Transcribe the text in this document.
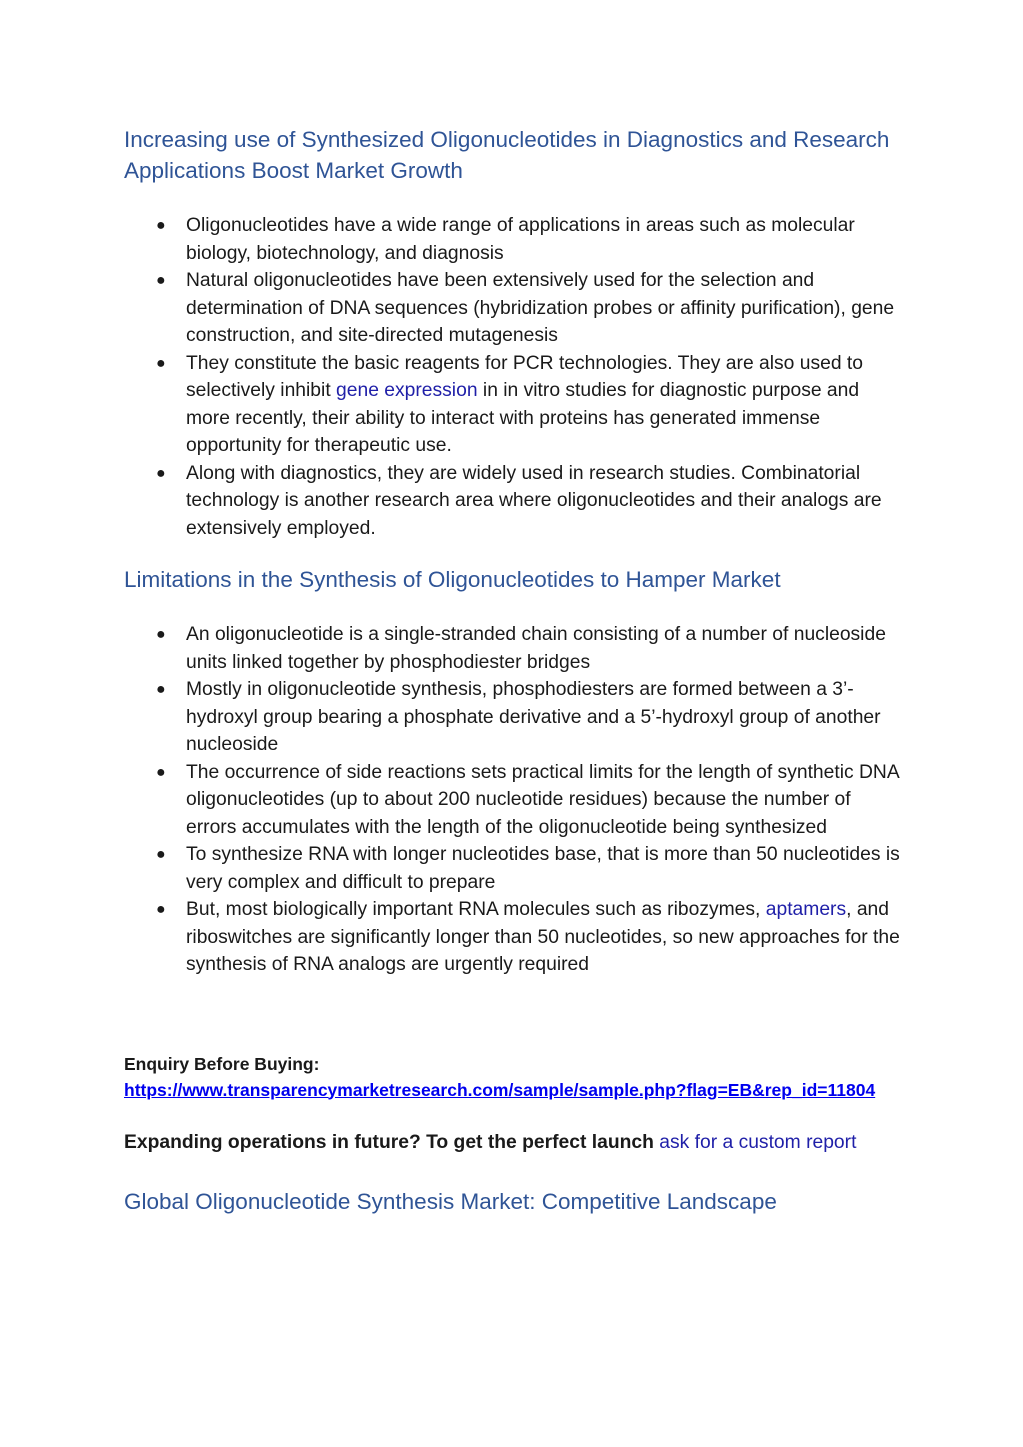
Increasing use of Synthesized Oligonucleotides in Diagnostics and Research Applications Boost Market Growth
● Oligonucleotides have a wide range of applications in areas such as molecular biology, biotechnology, and diagnosis
● Natural oligonucleotides have been extensively used for the selection and determination of DNA sequences (hybridization probes or affinity purification), gene construction, and site-directed mutagenesis
● They constitute the basic reagents for PCR technologies. They are also used to selectively inhibit gene expression in in vitro studies for diagnostic purpose and more recently, their ability to interact with proteins has generated immense opportunity for therapeutic use.
● Along with diagnostics, they are widely used in research studies. Combinatorial technology is another research area where oligonucleotides and their analogs are extensively employed.
Limitations in the Synthesis of Oligonucleotides to Hamper Market
● An oligonucleotide is a single-stranded chain consisting of a number of nucleoside units linked together by phosphodiester bridges
● Mostly in oligonucleotide synthesis, phosphodiesters are formed between a 3’-hydroxyl group bearing a phosphate derivative and a 5’-hydroxyl group of another nucleoside
● The occurrence of side reactions sets practical limits for the length of synthetic DNA oligonucleotides (up to about 200 nucleotide residues) because the number of errors accumulates with the length of the oligonucleotide being synthesized
● To synthesize RNA with longer nucleotides base, that is more than 50 nucleotides is very complex and difficult to prepare
● But, most biologically important RNA molecules such as ribozymes, aptamers, and riboswitches are significantly longer than 50 nucleotides, so new approaches for the synthesis of RNA analogs are urgently required
Enquiry Before Buying:
https://www.transparencymarketresearch.com/sample/sample.php?flag=EB&rep_id=11804
Expanding operations in future? To get the perfect launch ask for a custom report
Global Oligonucleotide Synthesis Market: Competitive Landscape
